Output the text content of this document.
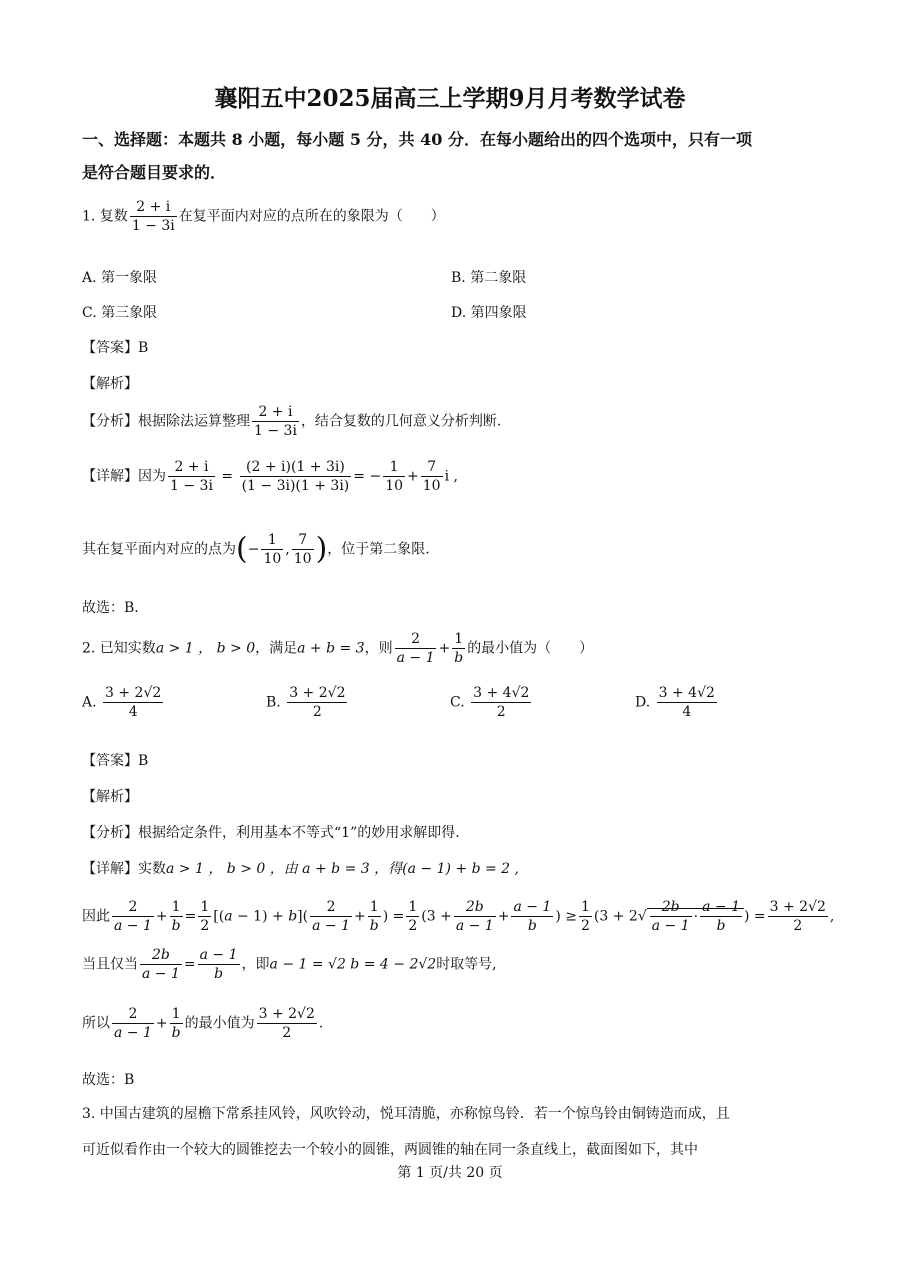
襄阳五中2025届高三上学期9月月考数学试卷
一、选择题：本题共 8 小题，每小题 5 分，共 40 分．在每小题给出的四个选项中，只有一项
是符合题目要求的．
1. 复数 $\frac{2 + i}{1 - 3i}$ 在复平面内对应的点所在的象限为（　　）
A. 第一象限	B. 第二象限
C. 第三象限	D. 第四象限
【答案】B
【解析】
【分析】根据除法运算整理 $\frac{2 + i}{1 - 3i}$ ，结合复数的几何意义分析判断.
【详解】因为 $\frac{2 + i}{1 - 3i} = \frac{(2 + i)(1 + 3i)}{(1 - 3i)(1 + 3i)}$ = − $\frac{1}{10} + \frac{7}{10}$ i ,
其在复平面内对应的点为(− $\frac{1}{10}$ , $\frac{7}{10}$ )，位于第二象限.
故选：B.
2. 已知实数a > 1 ， b > 0，满足a + b = 3，则 $\frac{2}{a - 1} + \frac{1}{b}$ 的最小值为（　　）
A. $\frac{3 + 2√2}{4}$	B. $\frac{3 + 2√2}{2}$	C. $\frac{3 + 4√2}{2}$	D. $\frac{3 + 4√2}{4}$
【答案】B
【解析】
【分析】根据给定条件，利用基本不等式“1”的妙用求解即得.
【详解】实数a > 1 ， b > 0 ，由 a + b = 3 ，得(a − 1) + b = 2 ,
因此 $\frac{2}{a - 1} + \frac{1}{b} = \frac{1}{2} [(a - 1) + b]( \frac{2}{a - 1} + \frac{1}{b}$ ) = $\frac{1}{2} (3 + \frac{2b}{a - 1} + \frac{a - 1}{b}$ ) ≥ $\frac{1}{2} (3 + 2√ \frac{2b}{a - 1} \cdot \frac{a - 1}{b}$ ) = $\frac{3 + 2√2}{2}$ ,
当且仅当 $\frac{2b}{a - 1} = \frac{a - 1}{b}$ ，即a − 1 = √2 b = 4 − 2√2时取等号,
所以 $\frac{2}{a - 1} + \frac{1}{b}$ 的最小值为 $\frac{3 + 2√2}{2}$ .
故选：B
3. 中国古建筑的屋檐下常系挂风铃，风吹铃动，悦耳清脆，亦称惊鸟铃．若一个惊鸟铃由铜铸造而成，且
可近似看作由一个较大的圆锥挖去一个较小的圆锥，两圆锥的轴在同一条直线上，截面图如下，其中
第 1 页/共 20 页
